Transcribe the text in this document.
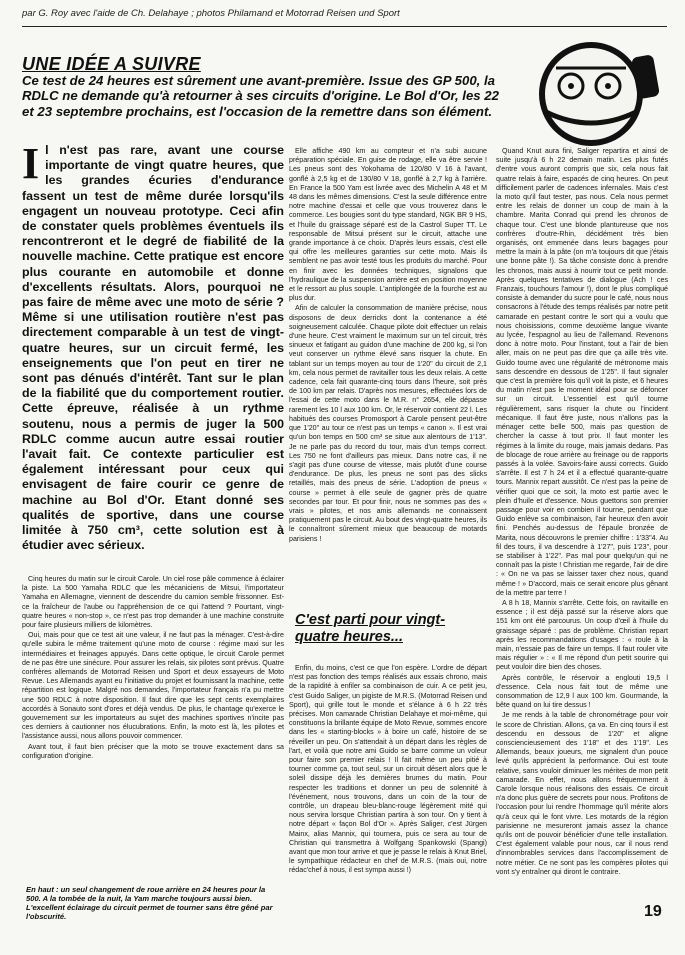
par G. Roy avec l'aide de Ch. Delahaye ; photos Philamand et Motorrad Reisen und Sport
UNE IDÉE A SUIVRE
Ce test de 24 heures est sûrement une avant-première. Issue des GP 500, la RDLC ne demande qu'à retourner à ses circuits d'origine. Le Bol d'Or, les 22 et 23 septembre prochains, est l'occasion de la remettre dans son élément.
Il n'est pas rare, avant une course importante de vingt quatre heures, que les grandes écuries d'endurance fassent un test de même durée lorsqu'ils engagent un nouveau prototype. Ceci afin de constater quels problèmes éventuels ils rencontreront et le degré de fiabilité de la nouvelle machine. Cette pratique est encore plus courante en automobile et donne d'excellents résultats. Alors, pourquoi ne pas faire de même avec une moto de série ? Même si une utilisation routière n'est pas directement comparable à un test de vingt-quatre heures, sur un circuit fermé, les enseignements que l'on peut en tirer ne sont pas dénués d'intérêt. Tant sur le plan de la fiabilité que du comportement routier. Cette épreuve, réalisée à un rythme soutenu, nous a permis de juger la 500 RDLC comme aucun autre essai routier l'avait fait. Ce contexte particulier est également intéressant pour ceux qui envisagent de faire courir ce genre de machine au Bol d'Or. Etant donné ses qualités de sportive, dans une course limitée à 750 cm³, cette solution est à étudier avec sérieux.

Cinq heures du matin sur le circuit Carole. Un ciel rose pâle commence à éclairer la piste. La 500 Yamaha RDLC que les mécaniciens de Mitsui, l'importateur Yamaha en Allemagne, viennent de descendre du camion semble frissonner. Est-ce la fraîcheur de l'aube ou l'appréhension de ce qui l'attend ? Pourtant, vingt-quatre heures « non-stop », ce n'est pas trop demander à une machine construite pour faire plusieurs milliers de kilomètres.

Oui, mais pour que ce test ait une valeur, il ne faut pas la ménager. C'est-à-dire qu'elle subira le même traitement qu'une moto de course : régime maxi sur les intermédiaires et freinages appuyés. Dans cette optique, le circuit Carole permet de ne pas être une sinécure. Pour assurer les relais, six pilotes sont prévus. Quatre confrères allemands de Motorrad Reisen und Sport et deux essayeurs de Moto Revue. Les Allemands ayant eu l'initiative du projet et fournissant la machine, cette répartition est logique. Malgré nos demandes, l'importateur français n'a pu mettre une 500 RDLC à notre disposition. Il faut dire que les sept cents exemplaires accordés à Sonauto sont d'ores et déjà vendus. De plus, le chantage qu'exerce le gouvernement sur les importateurs au sujet des machines sportives n'incite pas ces derniers à cautionner nos élucubrations. Enfin, la moto est là, les pilotes et l'assistance aussi, nous allons pouvoir commencer.

Avant tout, il faut bien préciser que la moto se trouve exactement dans sa configuration d'origine.

Elle affiche 490 km au compteur et n'a subi aucune préparation spéciale. En guise de rodage, elle va être servie ! Les pneus sont des Yokohama de 120/80 V 16 à l'avant, gonflé à 2,5 kg et de 130/80 V 18, gonflé à 2,7 kg à l'arrière. En France la 500 Yam est livrée avec des Michelin A 48 et M 48 dans les mêmes dimensions. C'est la seule différence entre notre machine d'essai et celle que vous trouverez dans le commerce. Les bougies sont du type standard, NGK BR 9 HS, et l'huile du graissage séparé est de la Castrol Super TT. Le responsable de Mitsui présent sur le circuit, attache une grande importance à ce choix. D'après leurs essais, c'est elle qui offre les meilleures garanties sur cette moto. Mais ils semblent ne pas avoir testé tous les produits du marché. Pour en finir avec les données techniques, signalons que l'hydraulique de la suspension arrière est en position moyenne et le ressort au plus souple. L'antiplongée de la fourche est au plus dur.

Afin de calculer la consommation de manière précise, nous disposons de deux derricks dont la contenance a été soigneusement calculée. Chaque pilote doit effectuer un relais d'une heure. C'est vraiment le maximum sur un tel circuit, très sinueux et fatigant au guidon d'une machine de 200 kg, si l'on veut conserver un rythme élevé sans risquer la chute. En tablant sur un temps moyen au tour de 1'20" du circuit de 2,1 km, cela nous permet de ravitailler tous les deux relais. A cette cadence, cela fait quarante-cinq tours dans l'heure, soit près de 100 km par relais. D'après nos mesures, effectuées lors de l'essai de cette moto dans le M.R. n° 2654, elle dépasse rarement les 10 l aux 100 km. Or, le réservoir contient 22 l. Les habitués des courses Promosport à Carole pensent peut-être que 1'20" au tour ce n'est pas un temps « canon ». Il est vrai qu'un bon temps en 500 cm³ se situe aux alentours de 1'13". Je ne parle pas du record du tour, mais d'un temps correct. Les 750 ne font d'ailleurs pas mieux. Dans notre cas, il ne s'agit pas d'une course de vitesse, mais plutôt d'une course d'endurance. De plus, les pneus ne sont pas des slicks retaillés, mais des pneus de série. L'adoption de pneus « course » permet à elle seule de gagner près de quatre secondes par tour. Et pour finir, nous ne sommes pas des « vrais » pilotes, et nos amis allemands ne connaissent pratiquement pas le circuit. Au bout des vingt-quatre heures, ils le connaîtront sûrement mieux que beaucoup de motards parisiens !

C'est parti pour vingt-quatre heures...

Enfin, du moins, c'est ce que l'on espère. L'ordre de départ n'est pas fonction des temps réalisés aux essais chrono, mais de la rapidité à enfiler sa combinaison de cuir. A ce petit jeu, c'est Guido Saliger, un pigiste de M.R.S. (Motorrad Reisen und Sport), qui grille tout le monde et s'élance à 6 h 22 très précises. Mon camarade Christian Delahaye et moi-même, qui constituons la brillante équipe de Moto Revue, sommes encore dans les « starting-blocks » à boire un café, histoire de se réveiller un peu. On s'attendait à un départ dans les règles de l'art, et voilà que notre ami Guido se barre comme un voleur pour faire son premier relais ! Il fait même un peu pitié à tourner comme ça, tout seul, sur un circuit désert alors que le soleil dissipe déjà les dernières brumes du matin. Pour respecter les traditions et donner un peu de solennité à l'événement, nous trouvons, dans un coin de la tour de contrôle, un drapeau bleu-blanc-rouge légèrement mité qui nous servira lorsque Christian partira à son tour. On y tient à notre départ « façon Bol d'Or ». Après Saliger, c'est Jürgen Mainx, alias Mannix, qui tournera, puis ce sera au tour de Christian qui transmettra à Wolfgang Spankowski (Spangi) avant que mon tour arrive et que je passe le relais à Knut Briel, le sympathique rédacteur en chef de M.R.S. (mais oui, notre rédac'chef à nous, il est sympa aussi !)

Quand Knut aura fini, Saliger repartira et ainsi de suite jusqu'à 6 h 22 demain matin. Les plus futés d'entre vous auront compris que six, cela nous fait quatre relais à faire, espacés de cinq heures. On peut difficilement parler de cadences infernales. Mais c'est la moto qu'il faut tester, pas nous. Cela nous permet entre les relais de donner un coup de main à la chambre. Marita Conrad qui prend les chronos de chaque tour. C'est une blonde plantureuse que nos confrères d'outre-Rhin, décidément très bien organisés, ont emmenée dans leurs bagages pour mettre la main à la pâte (on m'a toujours dit que j'étais une bonne pâte !). Sa tâche consiste donc à prendre les chronos, mais aussi à nourrir tout ce petit monde. Après quelques tentatives de dialogue (Ach ! ces Franzais, touchours l'amour !), dont le plus compliqué consiste à demander du sucre pour le café, nous nous consacrons à l'étude des temps réalisés par notre petit camarade en pestant contre le sort qui a voulu que nous choisissions, comme deuxième langue vivante au lycée, l'espagnol au lieu de l'allemand. Revenons donc à notre moto. Pour l'instant, tout a l'air de bien aller, mais on ne peut pas dire que ça aille très vite. Guido tourne avec une régularité de métronome mais sans descendre en dessous de 1'25". Il faut signaler que c'est la première fois qu'il voit la piste, et 6 heures du matin n'est pas le moment idéal pour se défoncer sur un circuit. L'essentiel est qu'il tourne régulièrement, sans risquer la chute ou l'incident mécanique. Il faut être juste, nous n'allons pas la ménager cette belle 500, mais pas question de chercher la casse à tout prix. Il faut monter les régimes à la limite du rouge, mais jamais dedans. Pas de blocage de roue arrière au freinage ou de rapports passés à la volée. Savoirs-faire aussi corrects. Guido s'arrête. Il est 7 h 24 et il a effectué quarante-quatre tours. Mannix repart aussitôt. Ce n'est pas la peine de vérifier quoi que ce soit, la moto est partie avec le plein d'huile et d'essence. Nous guettons son premier passage pour voir en combien il tourne, pendant que Guido enlève sa combinaison, l'air heureux d'en avoir fini. Penchés au-dessus de l'épaule bronzée de Marita, nous découvrons le premier chiffre : 1'33"4. Au fil des tours, il va descendre à 1'27", puis 1'23", pour se stabiliser à 1'22". Pas mal pour quelqu'un qui ne connaît pas la piste ! Christian me regarde, l'air de dire : « On ne va pas se laisser taxer chez nous, quand même ! » D'accord, mais ce serait encore plus gênant de la mettre par terre !

A 8 h 18, Mannix s'arrête. Cette fois, on ravitaille en essence ; il est déjà passé sur la réserve alors que 151 km ont été parcourus. Un coup d'œil à l'huile du graissage séparé : pas de problème. Christian repart après les recommandations d'usages : « roule à la main, n'essaie pas de faire un temps. Il faut rouler vite mais régulier » : « Il me répond d'un petit sourire qui peut vouloir dire bien des choses.

Après contrôle, le réservoir a englouti 19,5 l d'essence. Cela nous fait tout de même une consommation de 12,9 l aux 100 km. Gourmande, la bête quand on lui tire dessus !

Je me rends à la table de chronométrage pour voir le score de Christian. Allons, ça va. En cinq tours il est descendu en dessous de 1'20" et aligne consciencieusement des 1'18" et des 1'19". Les Allemands, beaux joueurs, me signalent d'un pouce levé qu'ils apprécient la performance. Oui est toute relative, sans vouloir diminuer les mérites de mon petit camarade. En effet, nous allons fréquemment à Carole lorsque nous réalisons des essais. Ce circuit n'a donc plus guère de secrets pour nous. Profitons de l'occasion pour lui rendre l'hommage qu'il mérite alors qu'à ceux qui le font vivre. Les motards de la région parisienne ne mesureront jamais assez la chance qu'ils ont de pouvoir bénéficier d'une telle installation. C'est également valable pour nous, car il nous rend d'innombrables services dans l'accomplissement de notre métier. Ce ne sont pas les compères pilotes qui vont s'y entraîner qui diront le contraire.

En haut : un seul changement de roue arrière en 24 heures pour la 500. A la tombée de la nuit, la Yam marche toujours aussi bien. L'excellent éclairage du circuit permet de tourner sans être gêné par l'obscurité.	19
